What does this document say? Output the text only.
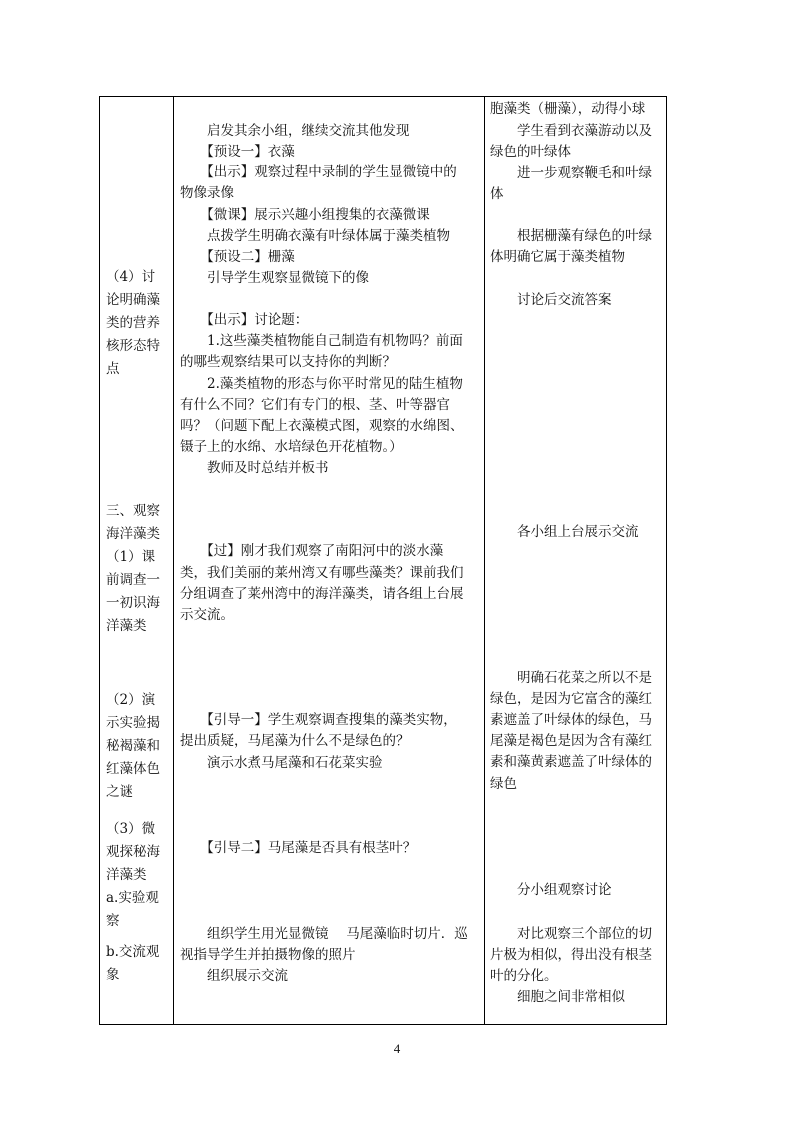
（4）讨
论明确藻
类的营养
核形态特
点
三、观察
海洋藻类
（1）课
前调查一
一初识海
洋藻类
（2）演
示实验揭
秘褐藻和
红藻体色
之谜
（3）微
观探秘海
洋藻类
a.实验观
察
b.交流观
象
　　启发其余小组，继续交流其他发现
　　【预设一】衣藻
　　【出示】观察过程中录制的学生显微镜中的
物像录像
　　【微课】展示兴趣小组搜集的衣藻微课
　　点拨学生明确衣藻有叶绿体属于藻类植物
　　【预设二】栅藻
　　引导学生观察显微镜下的像
　　【出示】讨论题：
　　1.这些藻类植物能自己制造有机物吗？前面
的哪些观察结果可以支持你的判断？
　　2.藻类植物的形态与你平时常见的陆生植物
有什么不同？它们有专门的根、茎、叶等器官
吗？（问题下配上衣藻模式图，观察的水绵图、
镊子上的水绵、水培绿色开花植物。）
　　教师及时总结并板书
　　【过】刚才我们观察了南阳河中的淡水藻
类，我们美丽的莱州湾又有哪些藻类？课前我们
分组调查了莱州湾中的海洋藻类，请各组上台展
示交流。
　　【引导一】学生观察调查搜集的藻类实物，
提出质疑，马尾藻为什么不是绿色的？
　　演示水煮马尾藻和石花菜实验
　　【引导二】马尾藻是否具有根茎叶？
　　组织学生用光显微镜　 马尾藻临时切片．巡
视指导学生并拍摄物像的照片
　　组织展示交流
胞藻类（栅藻），动得小球
　　学生看到衣藻游动以及
绿色的叶绿体
　　进一步观察鞭毛和叶绿
体
　　根据栅藻有绿色的叶绿
体明确它属于藻类植物
　　讨论后交流答案
　　各小组上台展示交流
　　明确石花菜之所以不是
绿色，是因为它富含的藻红
素遮盖了叶绿体的绿色，马
尾藻是褐色是因为含有藻红
素和藻黄素遮盖了叶绿体的
绿色
　　分小组观察讨论
　　对比观察三个部位的切
片极为相似，得出没有根茎
叶的分化。
　　细胞之间非常相似
4
